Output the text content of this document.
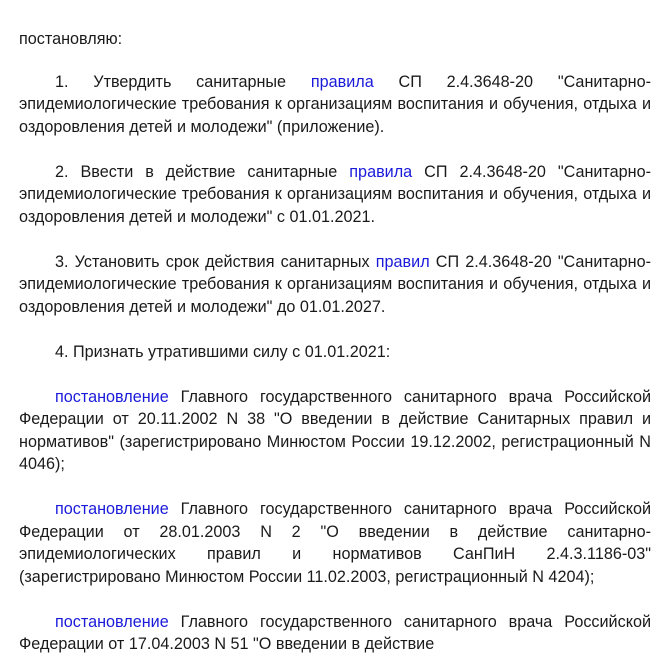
постановляю:

1. Утвердить санитарные правила СП 2.4.3648-20 "Санитарно-эпидемиологические требования к организациям воспитания и обучения, отдыха и оздоровления детей и молодежи" (приложение).

2. Ввести в действие санитарные правила СП 2.4.3648-20 "Санитарно-эпидемиологические требования к организациям воспитания и обучения, отдыха и оздоровления детей и молодежи" с 01.01.2021.

3. Установить срок действия санитарных правил СП 2.4.3648-20 "Санитарно-эпидемиологические требования к организациям воспитания и обучения, отдыха и оздоровления детей и молодежи" до 01.01.2027.

4. Признать утратившими силу с 01.01.2021:

постановление Главного государственного санитарного врача Российской Федерации от 20.11.2002 N 38 "О введении в действие Санитарных правил и нормативов" (зарегистрировано Минюстом России 19.12.2002, регистрационный N 4046);

постановление Главного государственного санитарного врача Российской Федерации от 28.01.2003 N 2 "О введении в действие санитарно-эпидемиологических правил и нормативов СанПиН 2.4.3.1186-03" (зарегистрировано Минюстом России 11.02.2003, регистрационный N 4204);

постановление Главного государственного санитарного врача Российской Федерации от 17.04.2003 N 51 "О введении в действие
